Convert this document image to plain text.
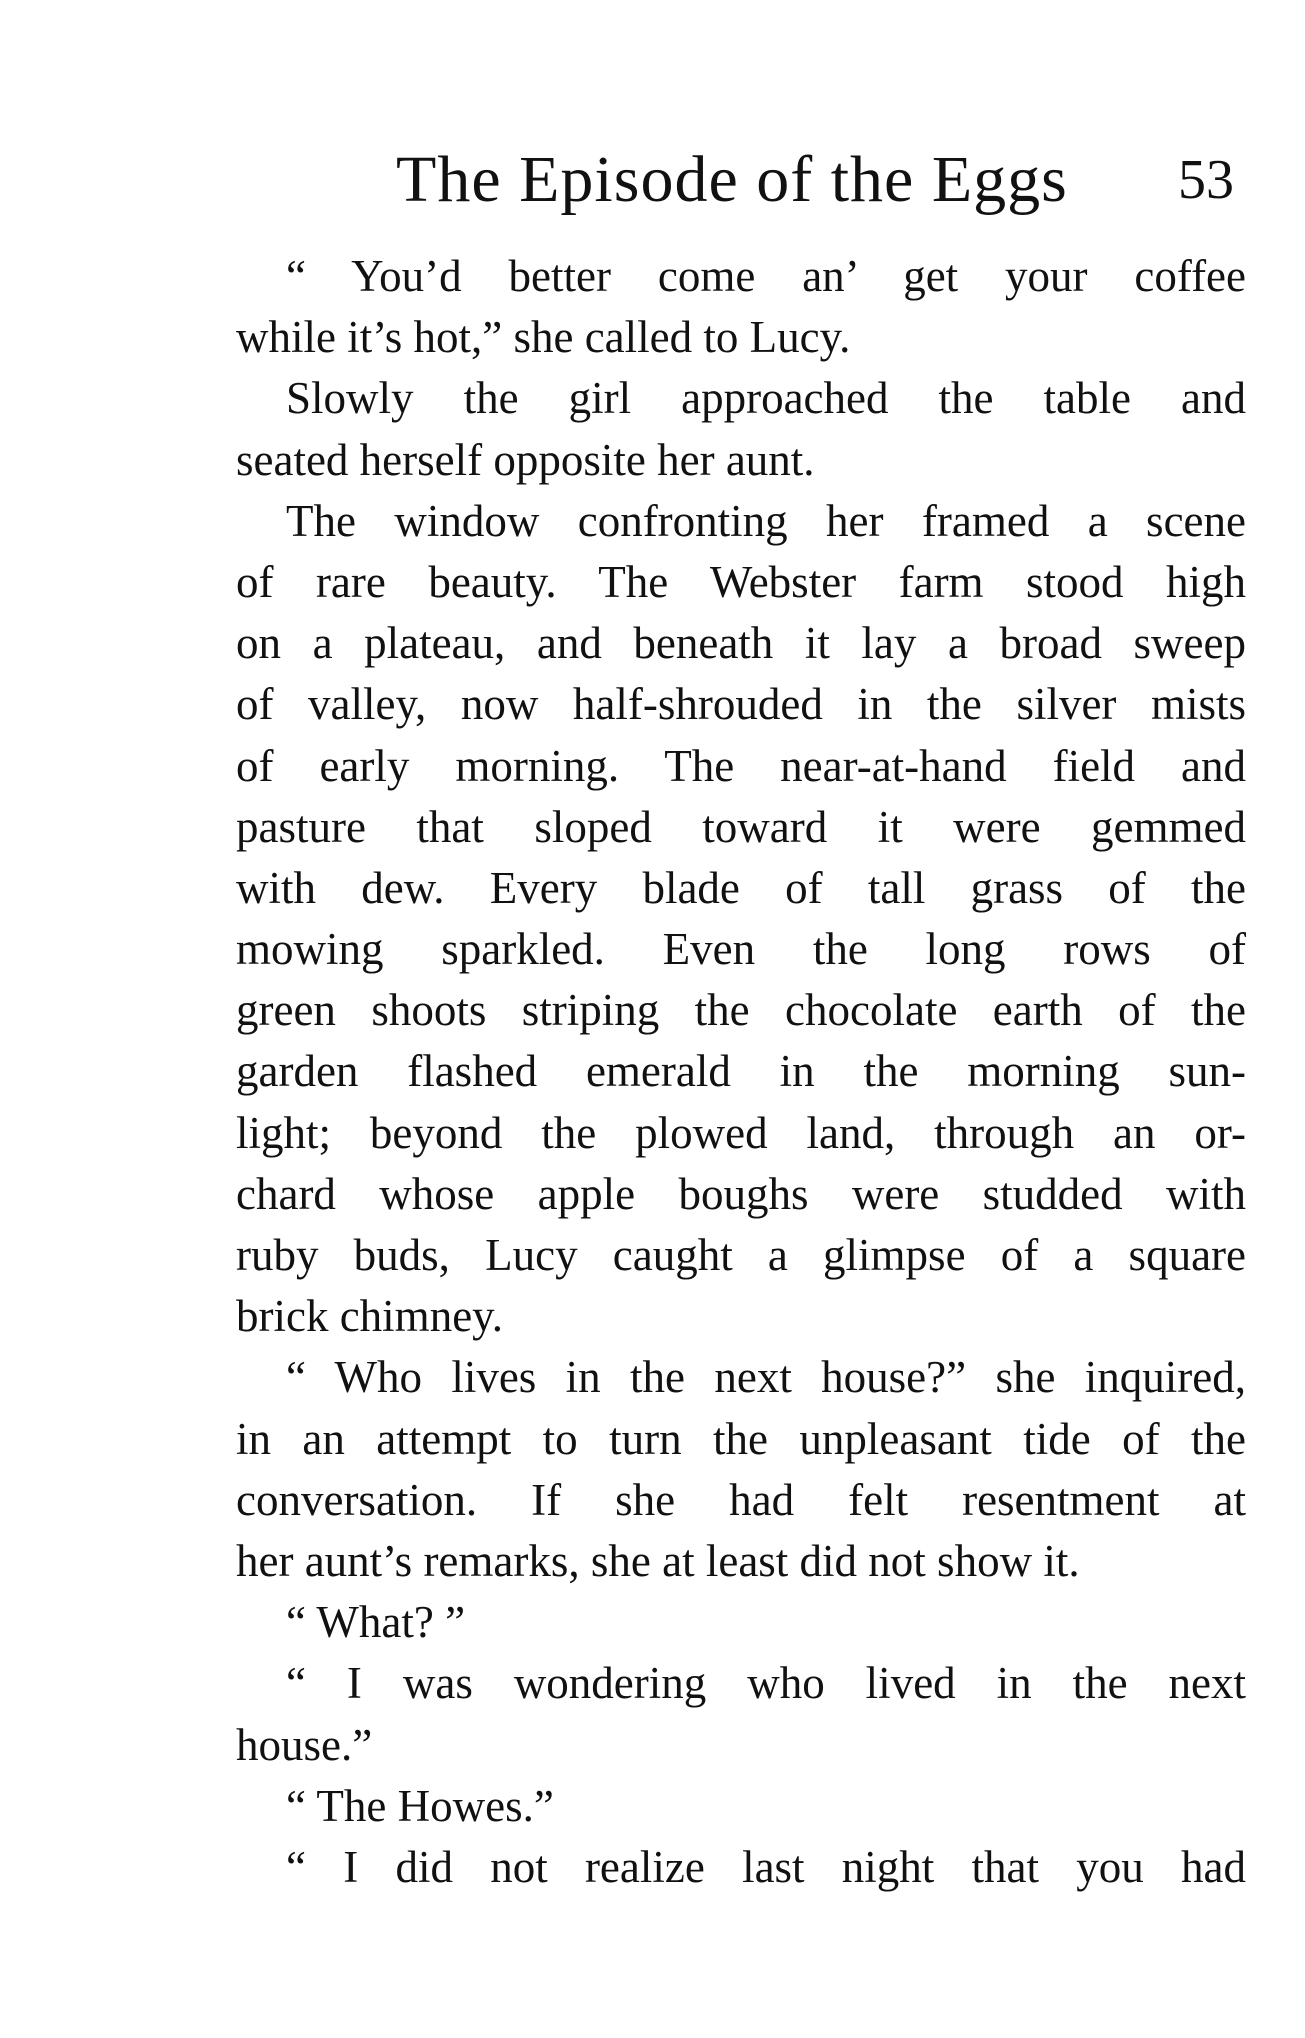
The Episode of the Eggs 53
“ You’d better come an’ get your coffee
while it’s hot,” she called to Lucy.
Slowly the girl approached the table and
seated herself opposite her aunt.
The window confronting her framed a scene
of rare beauty. The Webster farm stood high
on a plateau, and beneath it lay a broad sweep
of valley, now half-shrouded in the silver mists
of early morning. The near-at-hand field and
pasture that sloped toward it were gemmed
with dew. Every blade of tall grass of the
mowing sparkled. Even the long rows of
green shoots striping the chocolate earth of the
garden flashed emerald in the morning sun-
light; beyond the plowed land, through an or-
chard whose apple boughs were studded with
ruby buds, Lucy caught a glimpse of a square
brick chimney.
“ Who lives in the next house?” she inquired,
in an attempt to turn the unpleasant tide of the
conversation. If she had felt resentment at
her aunt’s remarks, she at least did not show it.
“ What? ”
“ I was wondering who lived in the next
house.”
“ The Howes.”
“ I did not realize last night that you had
